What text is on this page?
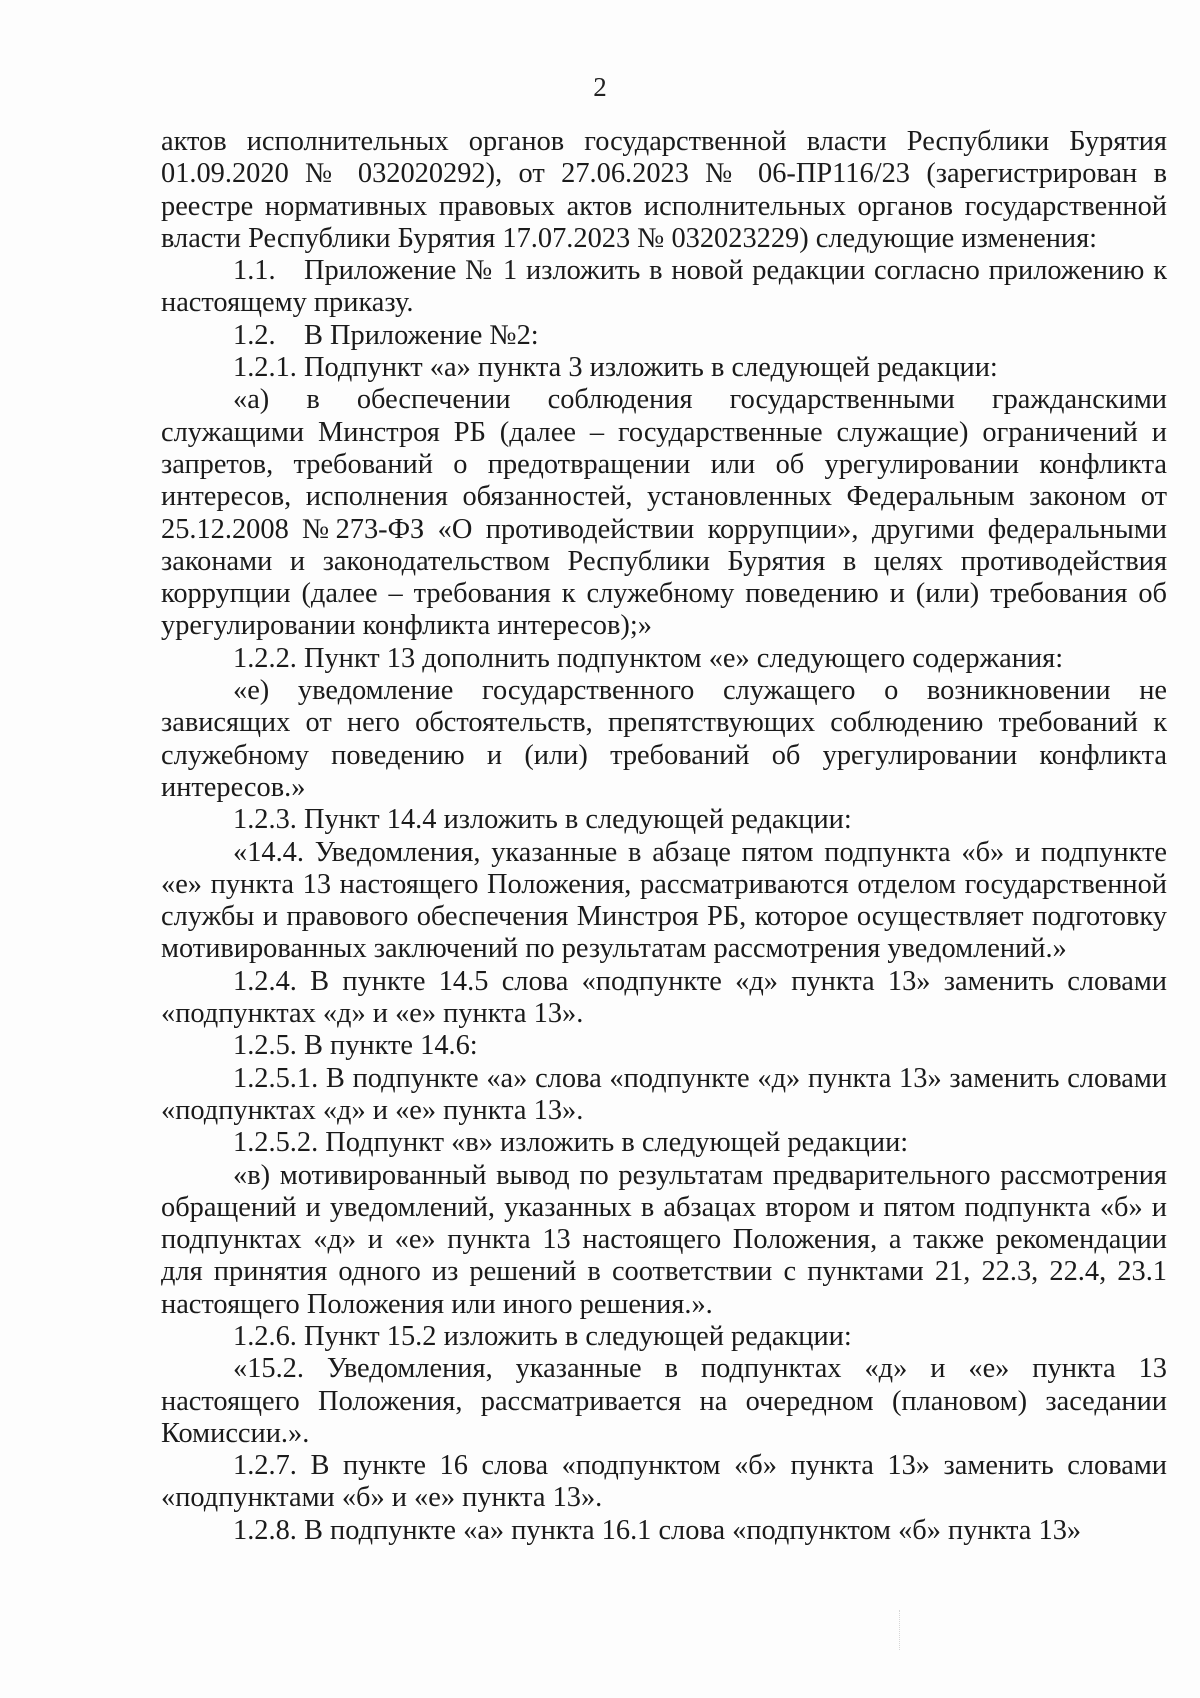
2

актов исполнительных органов государственной власти Республики Бурятия 01.09.2020 № 032020292), от 27.06.2023 № 06-ПР116/23 (зарегистрирован в реестре нормативных правовых актов исполнительных органов государственной власти Республики Бурятия 17.07.2023 № 032023229) следующие изменения:

1.1. Приложение № 1 изложить в новой редакции согласно приложению к настоящему приказу.

1.2. В Приложение №2:

1.2.1. Подпункт «а» пункта 3 изложить в следующей редакции:

«а) в обеспечении соблюдения государственными гражданскими служащими Минстроя РБ (далее – государственные служащие) ограничений и запретов, требований о предотвращении или об урегулировании конфликта интересов, исполнения обязанностей, установленных Федеральным законом от 25.12.2008 №273-ФЗ «О противодействии коррупции», другими федеральными законами и законодательством Республики Бурятия в целях противодействия коррупции (далее – требования к служебному поведению и (или) требования об урегулировании конфликта интересов);»

1.2.2. Пункт 13 дополнить подпунктом «е» следующего содержания:

«е) уведомление государственного служащего о возникновении не зависящих от него обстоятельств, препятствующих соблюдению требований к служебному поведению и (или) требований об урегулировании конфликта интересов.»

1.2.3. Пункт 14.4 изложить в следующей редакции:

«14.4. Уведомления, указанные в абзаце пятом подпункта «б» и подпункте «е» пункта 13 настоящего Положения, рассматриваются отделом государственной службы и правового обеспечения Минстроя РБ, которое осуществляет подготовку мотивированных заключений по результатам рассмотрения уведомлений.»

1.2.4. В пункте 14.5 слова «подпункте «д» пункта 13» заменить словами «подпунктах «д» и «е» пункта 13».

1.2.5. В пункте 14.6:

1.2.5.1. В подпункте «а» слова «подпункте «д» пункта 13» заменить словами «подпунктах «д» и «е» пункта 13».

1.2.5.2. Подпункт «в» изложить в следующей редакции:

«в) мотивированный вывод по результатам предварительного рассмотрения обращений и уведомлений, указанных в абзацах втором и пятом подпункта «б» и подпунктах «д» и «е» пункта 13 настоящего Положения, а также рекомендации для принятия одного из решений в соответствии с пунктами 21, 22.3, 22.4, 23.1 настоящего Положения или иного решения.».

1.2.6. Пункт 15.2 изложить в следующей редакции:

«15.2. Уведомления, указанные в подпунктах «д» и «е» пункта 13 настоящего Положения, рассматривается на очередном (плановом) заседании Комиссии.».

1.2.7. В пункте 16 слова «подпунктом «б» пункта 13» заменить словами «подпунктами «б» и «е» пункта 13».

1.2.8. В подпункте «а» пункта 16.1 слова «подпунктом «б» пункта 13»
